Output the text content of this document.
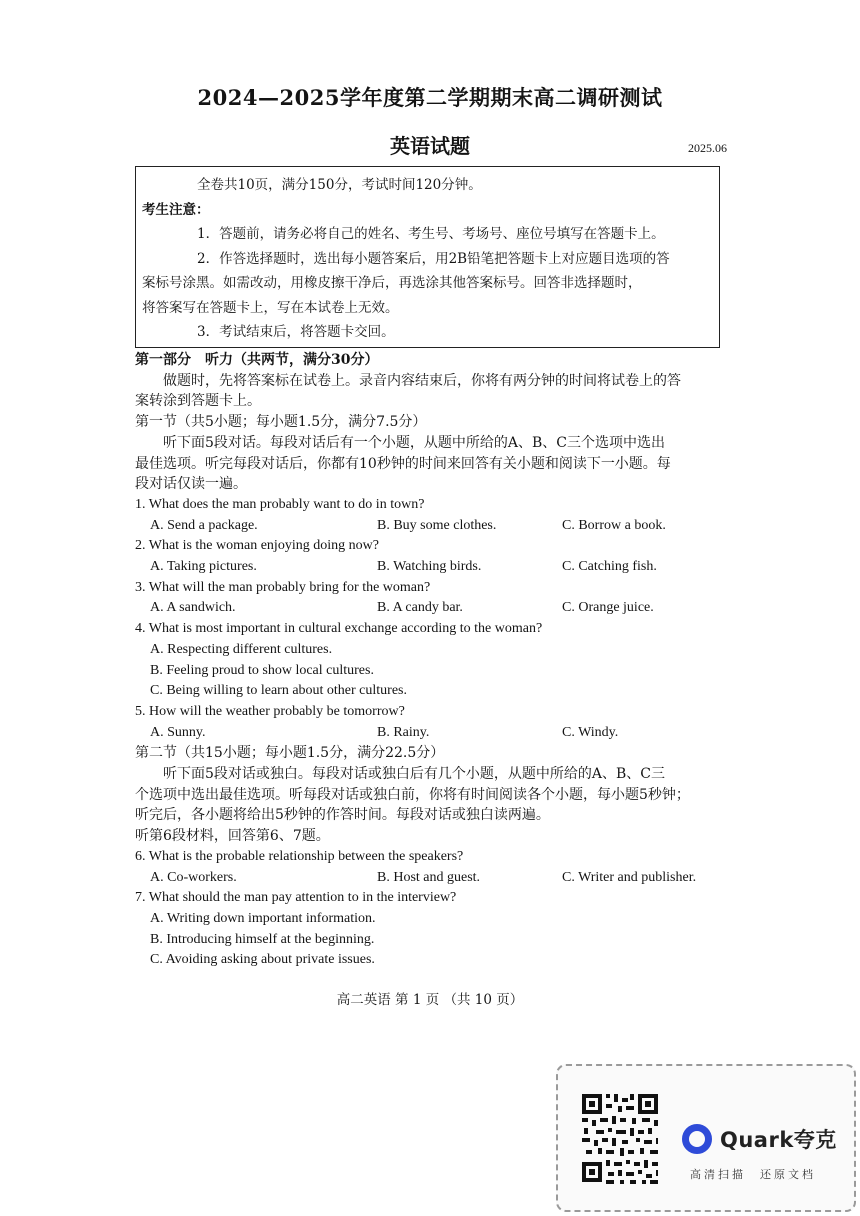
2024—2025学年度第二学期期末高二调研测试
英语试题	2025.06
全卷共10页，满分150分，考试时间120分钟。
考生注意：
1．答题前，请务必将自己的姓名、考生号、考场号、座位号填写在答题卡上。
2．作答选择题时，选出每小题答案后，用2B铅笔把答题卡上对应题目选项的答
案标号涂黑。如需改动，用橡皮擦干净后，再选涂其他答案标号。回答非选择题时，
将答案写在答题卡上，写在本试卷上无效。
3．考试结束后，将答题卡交回。

第一部分　听力（共两节，满分30分）

做题时，先将答案标在试卷上。录音内容结束后，你将有两分钟的时间将试卷上的答

案转涂到答题卡上。

第一节（共5小题；每小题1.5分，满分7.5分）

听下面5段对话。每段对话后有一个小题，从题中所给的A、B、C三个选项中选出

最佳选项。听完每段对话后，你都有10秒钟的时间来回答有关小题和阅读下一小题。每

段对话仅读一遍。

1. What does the man probably want to do in town?

A. Send a package.	B. Buy some clothes.	C. Borrow a book.

2. What is the woman enjoying doing now?

A. Taking pictures.	B. Watching birds.	C. Catching fish.

3. What will the man probably bring for the woman?

A. A sandwich.	B. A candy bar.	C. Orange juice.

4. What is most important in cultural exchange according to the woman?

A. Respecting different cultures.

B. Feeling proud to show local cultures.

C. Being willing to learn about other cultures.

5. How will the weather probably be tomorrow?

A. Sunny.	B. Rainy.	C. Windy.

第二节（共15小题；每小题1.5分，满分22.5分）

听下面5段对话或独白。每段对话或独白后有几个小题，从题中所给的A、B、C三

个选项中选出最佳选项。听每段对话或独白前，你将有时间阅读各个小题，每小题5秒钟；

听完后，各小题将给出5秒钟的作答时间。每段对话或独白读两遍。

听第6段材料，回答第6、7题。

6. What is the probable relationship between the speakers?

A. Co-workers.	B. Host and guest.	C. Writer and publisher.

7. What should the man pay attention to in the interview?

A. Writing down important information.

B. Introducing himself at the beginning.

C. Avoiding asking about private issues.

高二英语 第 1 页 （共 10 页）
Quark夸克
高清扫描　还原文档
